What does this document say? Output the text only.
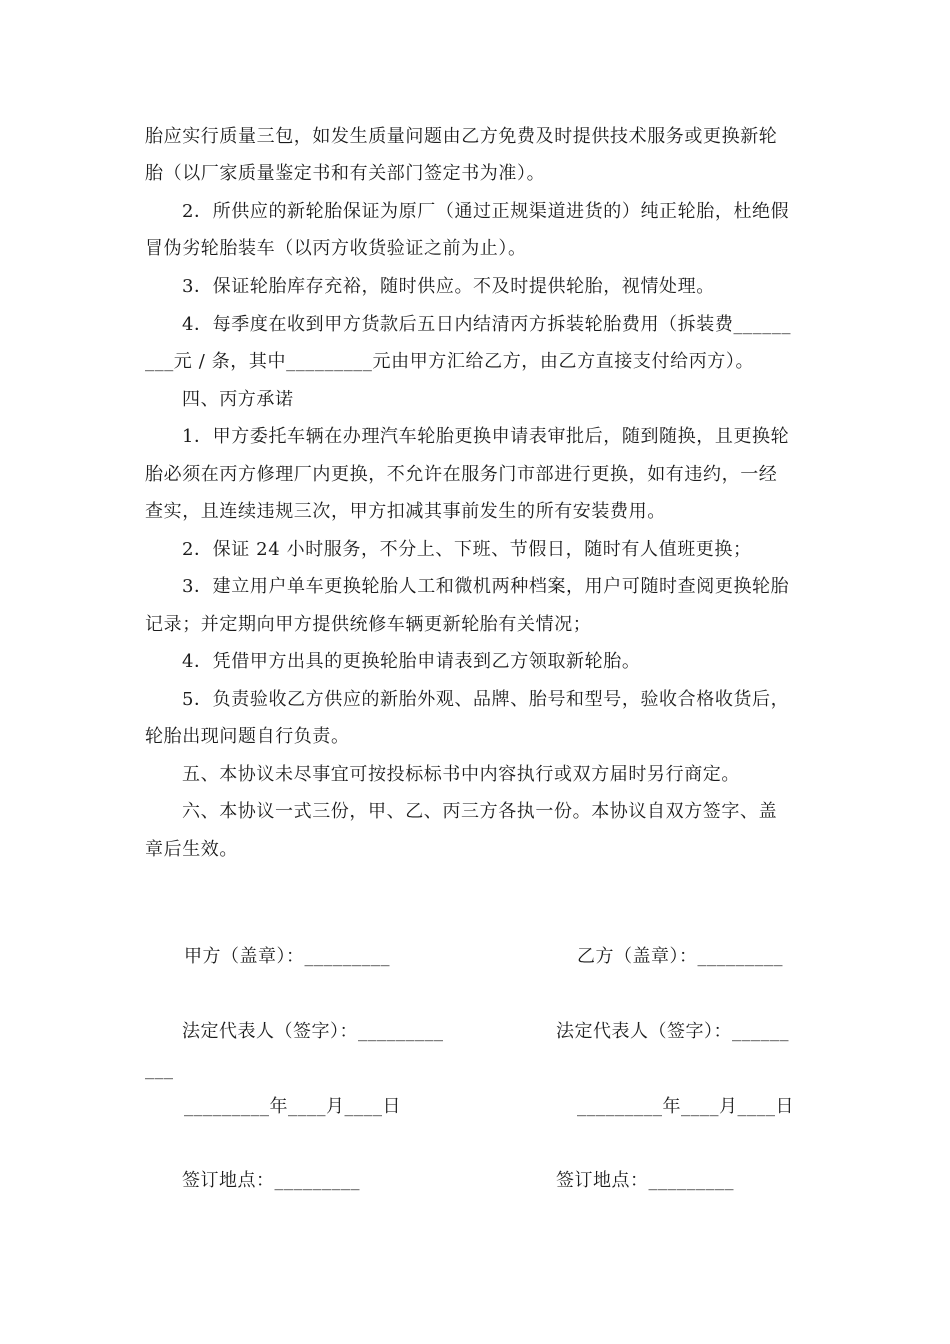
胎应实行质量三包，如发生质量问题由乙方免费及时提供技术服务或更换新轮
胎（以厂家质量鉴定书和有关部门签定书为准）。
2．所供应的新轮胎保证为原厂（通过正规渠道进货的）纯正轮胎，杜绝假
冒伪劣轮胎装车（以丙方收货验证之前为止）。
3．保证轮胎库存充裕，随时供应。不及时提供轮胎，视情处理。
4．每季度在收到甲方货款后五日内结清丙方拆装轮胎费用（拆装费______
___元 / 条，其中_________元由甲方汇给乙方，由乙方直接支付给丙方）。
四、丙方承诺
1．甲方委托车辆在办理汽车轮胎更换申请表审批后，随到随换，且更换轮
胎必须在丙方修理厂内更换，不允许在服务门市部进行更换，如有违约，一经
查实，且连续违规三次，甲方扣减其事前发生的所有安装费用。
2．保证 24 小时服务，不分上、下班、节假日，随时有人值班更换；
3．建立用户单车更换轮胎人工和微机两种档案，用户可随时查阅更换轮胎
记录；并定期向甲方提供统修车辆更新轮胎有关情况；
4．凭借甲方出具的更换轮胎申请表到乙方领取新轮胎。
5．负责验收乙方供应的新胎外观、品牌、胎号和型号，验收合格收货后，
轮胎出现问题自行负责。
五、本协议未尽事宜可按投标标书中内容执行或双方届时另行商定。
六、本协议一式三份，甲、乙、丙三方各执一份。本协议自双方签字、盖
章后生效。
甲方（盖章）：_________	乙方（盖章）：_________
法定代表人（签字）：_________	法定代表人（签字）：______
___
_________年____月____日	_________年____月____日
签订地点：_________	签订地点：_________
